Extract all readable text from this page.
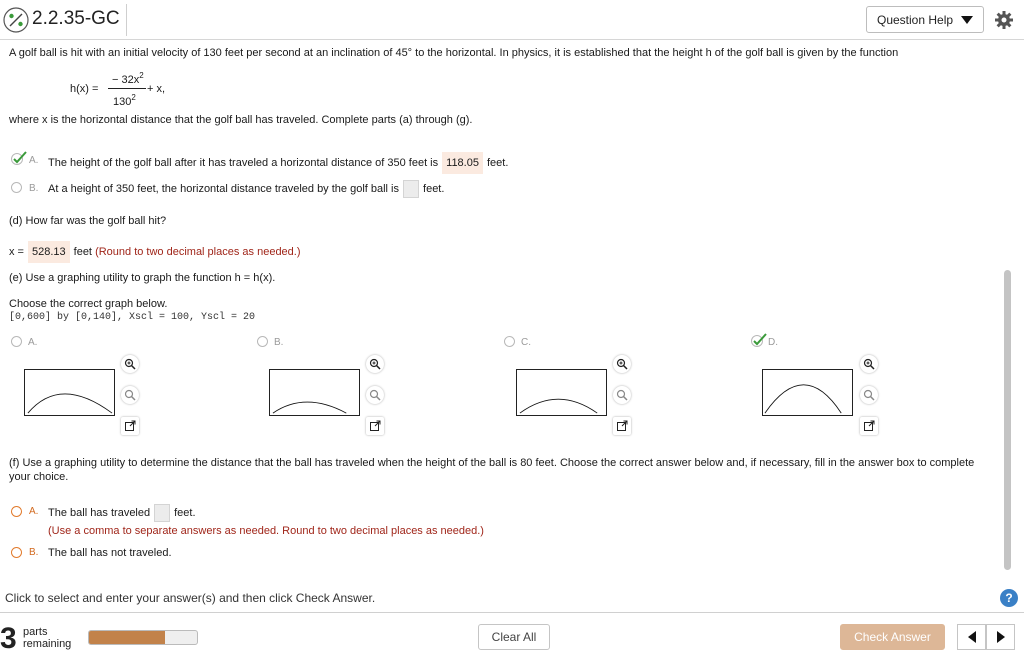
2.2.35-GC	Question Help
A golf ball is hit with an initial velocity of 130 feet per second at an inclination of 45° to the horizontal. In physics, it is established that the height h of the golf ball is given by the function
h(x) =
− $32x^2$
$130^2$
+ x,
where x is the horizontal distance that the golf ball has traveled. Complete parts (a) through (g).
A. The height of the golf ball after it has traveled a horizontal distance of 350 feet is 118.05 feet.
B. At a height of 350 feet, the horizontal distance traveled by the golf ball is feet.
(d) How far was the golf ball hit?
x = 528.13 feet (Round to two decimal places as needed.)
(e) Use a graphing utility to graph the function h = h(x).
Choose the correct graph below.
[0,600] by [0,140], Xscl = 100, Yscl = 20
A.	B.	C.	D.
(f) Use a graphing utility to determine the distance that the ball has traveled when the height of the ball is 80 feet. Choose the correct answer below and, if necessary, fill in the answer box to complete your choice.
A. The ball has traveled feet.
(Use a comma to separate answers as needed. Round to two decimal places as needed.)
B. The ball has not traveled.
Click to select and enter your answer(s) and then click Check Answer.	?
3 parts
remaining	Clear All	Check Answer
